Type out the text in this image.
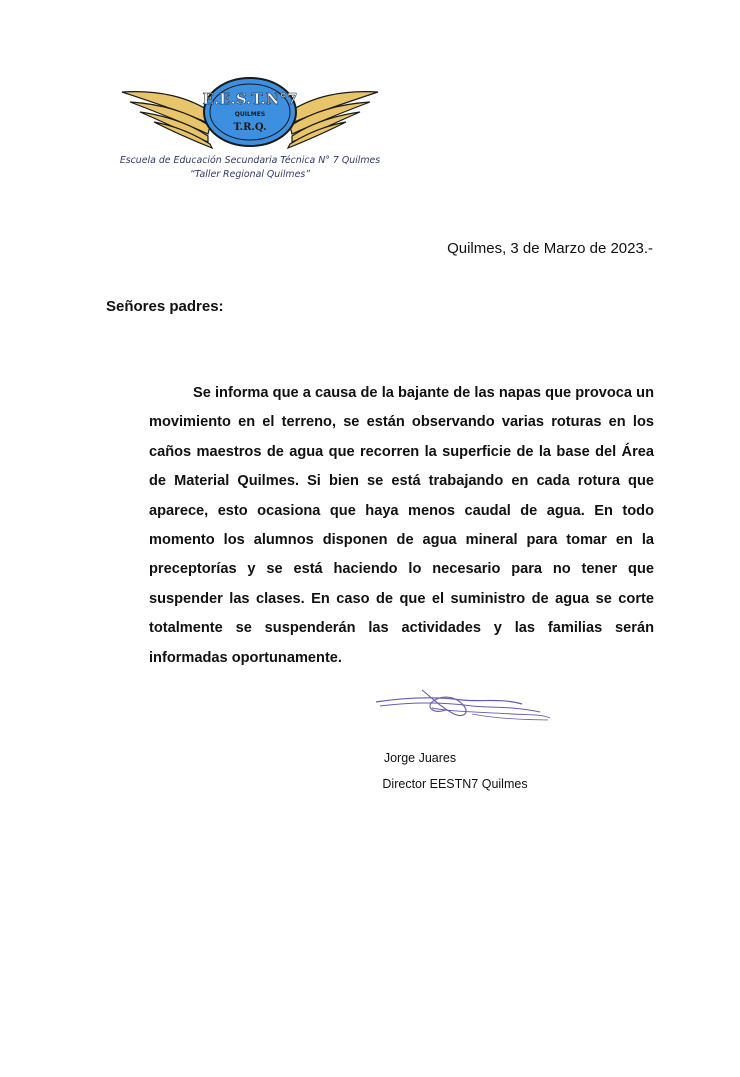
E.E.S.T.N°7
QUILMES
T.R.Q.
Escuela de Educación Secundaria Técnica N° 7 Quilmes
“Taller Regional Quilmes”
Quilmes, 3 de Marzo de 2023.-
Señores padres:

Se informa que a causa de la bajante de las napas que provoca un movimiento en el terreno, se están observando varias roturas en los caños maestros de agua que recorren la superficie de la base del Área de Material Quilmes. Si bien se está trabajando en cada rotura que aparece, esto ocasiona que haya menos caudal de agua. En todo momento los alumnos disponen de agua mineral para tomar en la preceptorías y se está haciendo lo necesario para no tener que suspender las clases. En caso de que el suministro de agua se corte totalmente se suspenderán las actividades y las familias serán informadas oportunamente.

Jorge Juares
Director EESTN7 Quilmes
